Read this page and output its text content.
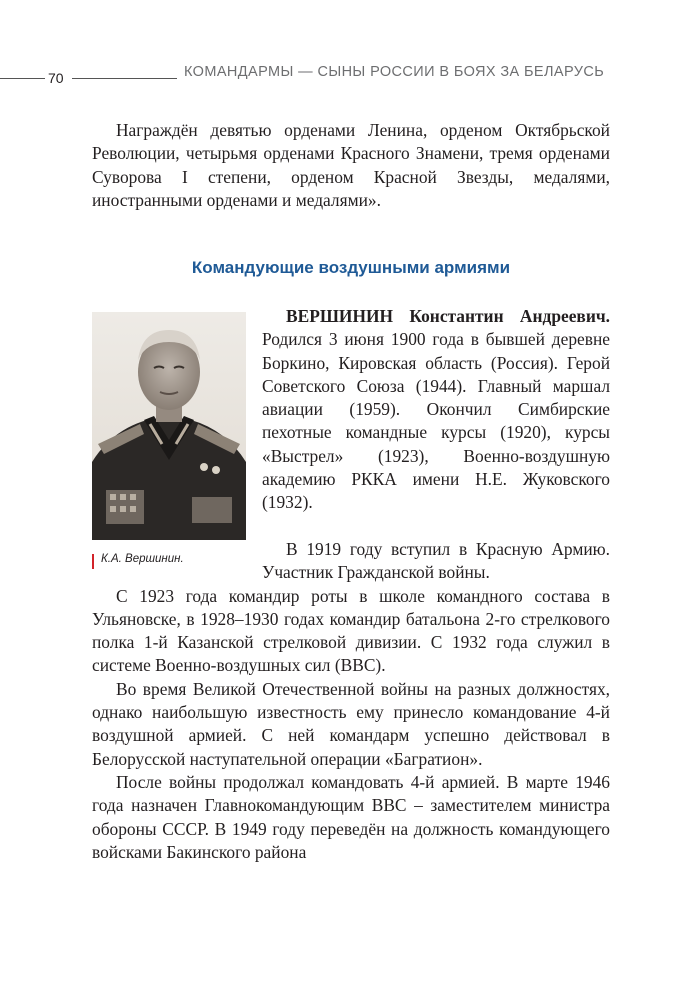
70	КОМАНДАРМЫ — СЫНЫ РОССИИ В БОЯХ ЗА БЕЛАРУСЬ

Награждён девятью орденами Ленина, орденом Октябрьской Революции, четырьмя орденами Красного Знамени, тремя орденами Суворова I степени, орденом Красной Звезды, медалями, иностранными орденами и медалями».

Командующие воздушными армиями
К.А. Вершинин.

ВЕРШИНИН Константин Андреевич. Родился 3 июня 1900 года в бывшей деревне Боркино, Кировская область (Россия). Герой Советского Союза (1944). Главный маршал авиации (1959). Окончил Симбирские пехотные командные курсы (1920), курсы «Выстрел» (1923), Военно-воздушную академию РККА имени Н.Е. Жуковского (1932).

В 1919 году вступил в Красную Армию. Участник Гражданской войны.

С 1923 года командир роты в школе командного состава в Ульяновске, в 1928–1930 годах командир батальона 2-го стрелкового полка 1-й Казанской стрелковой дивизии. С 1932 года служил в системе Военно-воздушных сил (ВВС).

Во время Великой Отечественной войны на разных должностях, однако наибольшую известность ему принесло командование 4-й воздушной армией. С ней командарм успешно действовал в Белорусской наступательной операции «Багратион».

После войны продолжал командовать 4-й армией. В марте 1946 года назначен Главнокомандующим ВВС – заместителем министра обороны СССР. В 1949 году переведён на должность командующего войсками Бакинского района
